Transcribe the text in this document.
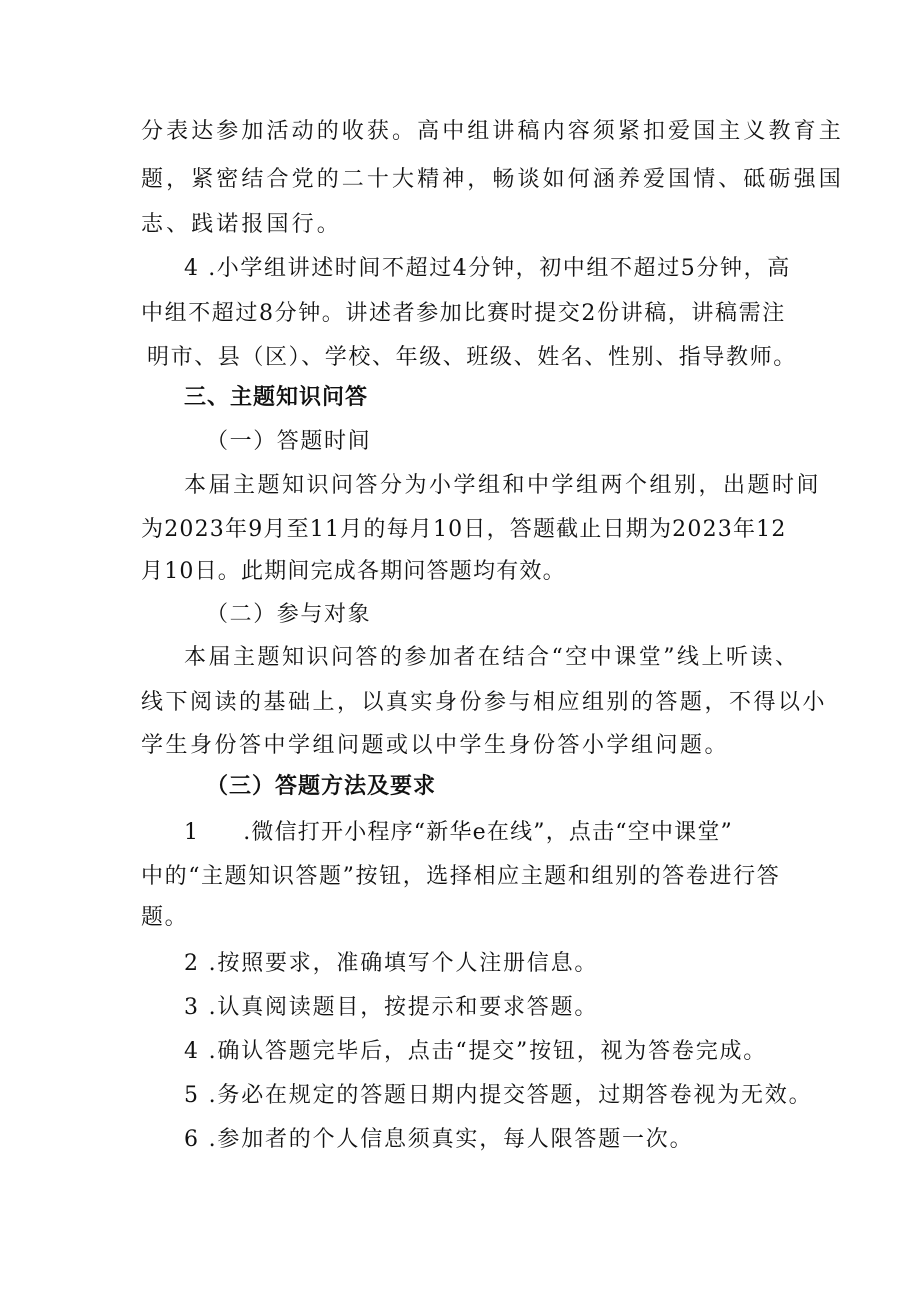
分表达参加活动的收获。高中组讲稿内容须紧扣爱国主义教育主
题，紧密结合党的二十大精神，畅谈如何涵养爱国情、砥砺强国
志、践诺报国行。
4 .小学组讲述时间不超过4分钟，初中组不超过5分钟，高
中组不超过8分钟。讲述者参加比赛时提交2份讲稿，讲稿需注
明市、县（区）、学校、年级、班级、姓名、性别、指导教师。
三、主题知识问答
（一）答题时间
本届主题知识问答分为小学组和中学组两个组别，出题时间
为2023年9月至11月的每月10日，答题截止日期为2023年12
月10日。此期间完成各期问答题均有效。
（二）参与对象
本届主题知识问答的参加者在结合“空中课堂”线上听读、
线下阅读的基础上，以真实身份参与相应组别的答题，不得以小
学生身份答中学组问题或以中学生身份答小学组问题。
（三）答题方法及要求
1 .微信打开小程序“新华e在线”，点击“空中课堂”
中的“主题知识答题”按钮，选择相应主题和组别的答卷进行答
题。
2 .按照要求，准确填写个人注册信息。
3 .认真阅读题目，按提示和要求答题。
4 .确认答题完毕后，点击“提交”按钮，视为答卷完成。
5 .务必在规定的答题日期内提交答题，过期答卷视为无效。
6 .参加者的个人信息须真实，每人限答题一次。
